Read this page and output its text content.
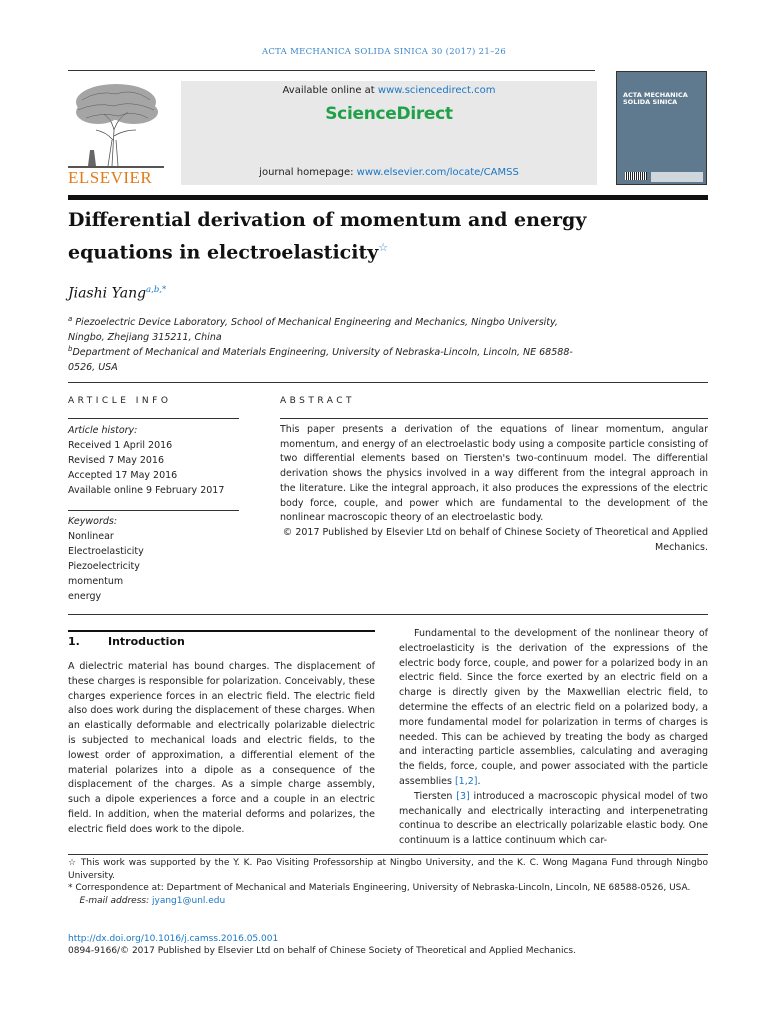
ACTA MECHANICA SOLIDA SINICA 30 (2017) 21–26
ELSEVIER
Available online at www.sciencedirect.com
ScienceDirect
journal homepage: www.elsevier.com/locate/CAMSS
ACTA MECHANICA SOLIDA SINICA
Differential derivation of momentum and energy equations in electroelasticity☆
Jiashi Yang$^{a,b,*}$
$^a$ Piezoelectric Device Laboratory, School of Mechanical Engineering and Mechanics, Ningbo University, Ningbo, Zhejiang 315211, China
$^b$Department of Mechanical and Materials Engineering, University of Nebraska-Lincoln, Lincoln, NE 68588-0526, USA
ARTICLE INFO	ABSTRACT
Article history:
Received 1 April 2016
Revised 7 May 2016
Accepted 17 May 2016
Available online 9 February 2017
Keywords:
Nonlinear
Electroelasticity
Piezoelectricity
momentum
energy
This paper presents a derivation of the equations of linear momentum, angular momentum, and energy of an electroelastic body using a composite particle consisting of two differential elements based on Tiersten's two-continuum model. The differential derivation shows the physics involved in a way different from the integral approach in the literature. Like the integral approach, it also produces the expressions of the electric body force, couple, and power which are fundamental to the development of the nonlinear macroscopic theory of an electroelastic body.
© 2017 Published by Elsevier Ltd on behalf of Chinese Society of Theoretical and Applied Mechanics.
1.	Introduction

A dielectric material has bound charges. The displacement of these charges is responsible for polarization. Conceivably, these charges experience forces in an electric field. The electric field also does work during the displacement of these charges. When an elastically deformable and electrically polarizable dielectric is subjected to mechanical loads and electric fields, to the lowest order of approximation, a differential element of the material polarizes into a dipole as a consequence of the displacement of the charges. As a simple charge assembly, such a dipole experiences a force and a couple in an electric field. In addition, when the material deforms and polarizes, the electric field does work to the dipole.

Fundamental to the development of the nonlinear theory of electroelasticity is the derivation of the expressions of the electric body force, couple, and power for a polarized body in an electric field. Since the force exerted by an electric field on a charge is directly given by the Maxwellian electric field, to determine the effects of an electric field on a polarized body, a more fundamental model for polarization in terms of charges is needed. This can be achieved by treating the body as charged and interacting particle assemblies, calculating and averaging the fields, force, couple, and power associated with the particle assemblies [1,2].

Tiersten [3] introduced a macroscopic physical model of two mechanically and electrically interacting and interpenetrating continua to describe an electrically polarizable elastic body. One continuum is a lattice continuum which car-

☆ This work was supported by the Y. K. Pao Visiting Professorship at Ningbo University, and the K. C. Wong Magana Fund through Ningbo University.

* Correspondence at: Department of Mechanical and Materials Engineering, University of Nebraska-Lincoln, Lincoln, NE 68588-0526, USA.

E-mail address: jyang1@unl.edu

http://dx.doi.org/10.1016/j.camss.2016.05.001
0894-9166/© 2017 Published by Elsevier Ltd on behalf of Chinese Society of Theoretical and Applied Mechanics.
